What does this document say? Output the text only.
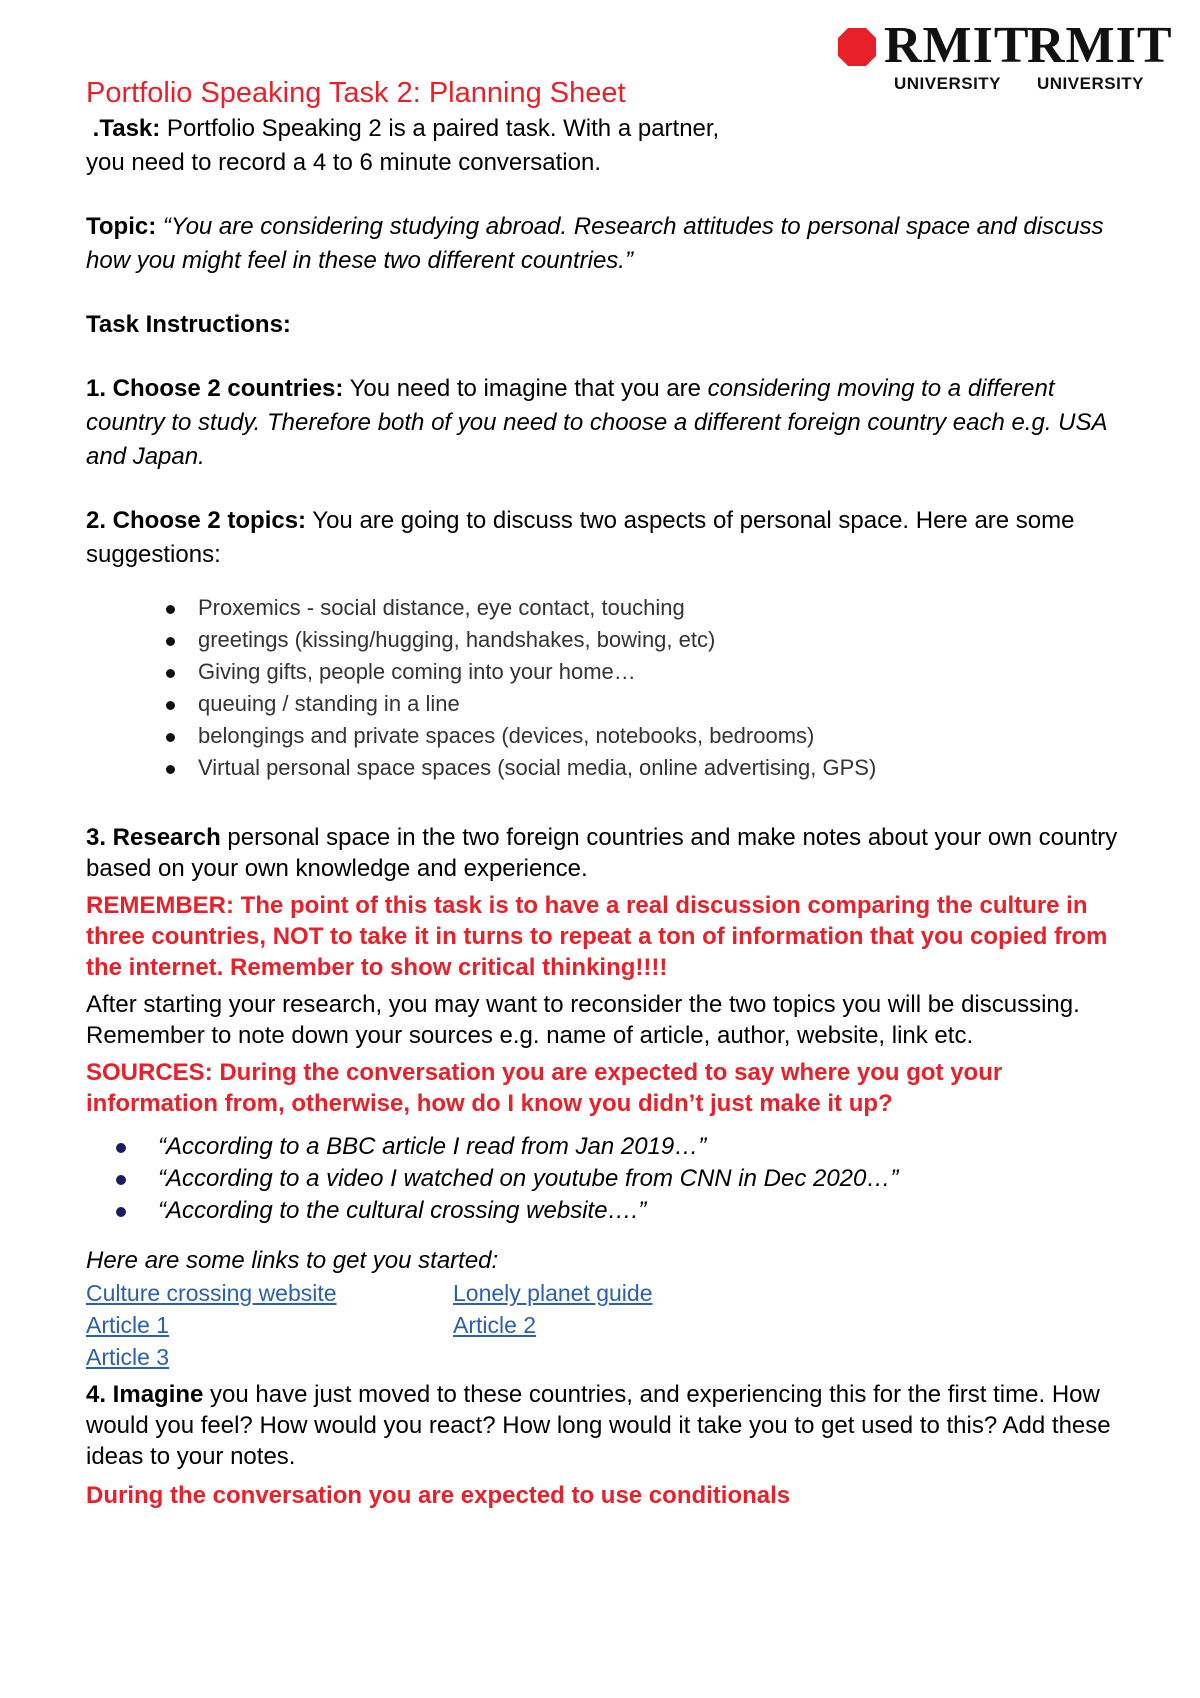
RMIT
UNIVERSITY
RMIT
UNIVERSITY
Portfolio Speaking Task 2: Planning Sheet

.Task: Portfolio Speaking 2 is a paired task. With a partner,
you need to record a 4 to 6 minute conversation.

Topic: “You are considering studying abroad. Research attitudes to personal space and discuss how you might feel in these two different countries.”

Task Instructions:

1. Choose 2 countries: You need to imagine that you are considering moving to a different country to study. Therefore both of you need to choose a different foreign country each e.g. USA and Japan.

2. Choose 2 topics: You are going to discuss two aspects of personal space. Here are some suggestions:

Proxemics - social distance, eye contact, touching
greetings (kissing/hugging, handshakes, bowing, etc)
Giving gifts, people coming into your home…
queuing / standing in a line
belongings and private spaces (devices, notebooks, bedrooms)
Virtual personal space spaces (social media, online advertising, GPS)

3. Research personal space in the two foreign countries and make notes about your own country based on your own knowledge and experience.

REMEMBER: The point of this task is to have a real discussion comparing the culture in three countries, NOT to take it in turns to repeat a ton of information that you copied from the internet. Remember to show critical thinking!!!!

After starting your research, you may want to reconsider the two topics you will be discussing. Remember to note down your sources e.g. name of article, author, website, link etc.

SOURCES: During the conversation you are expected to say where you got your information from, otherwise, how do I know you didn’t just make it up?

“According to a BBC article I read from Jan 2019…”
“According to a video I watched on youtube from CNN in Dec 2020…”
“According to the cultural crossing website….”

Here are some links to get you started:

Culture crossing website	Lonely planet guide
Article 1	Article 2
Article 3

4. Imagine you have just moved to these countries, and experiencing this for the first time. How would you feel? How would you react? How long would it take you to get used to this? Add these ideas to your notes.

During the conversation you are expected to use conditionals
